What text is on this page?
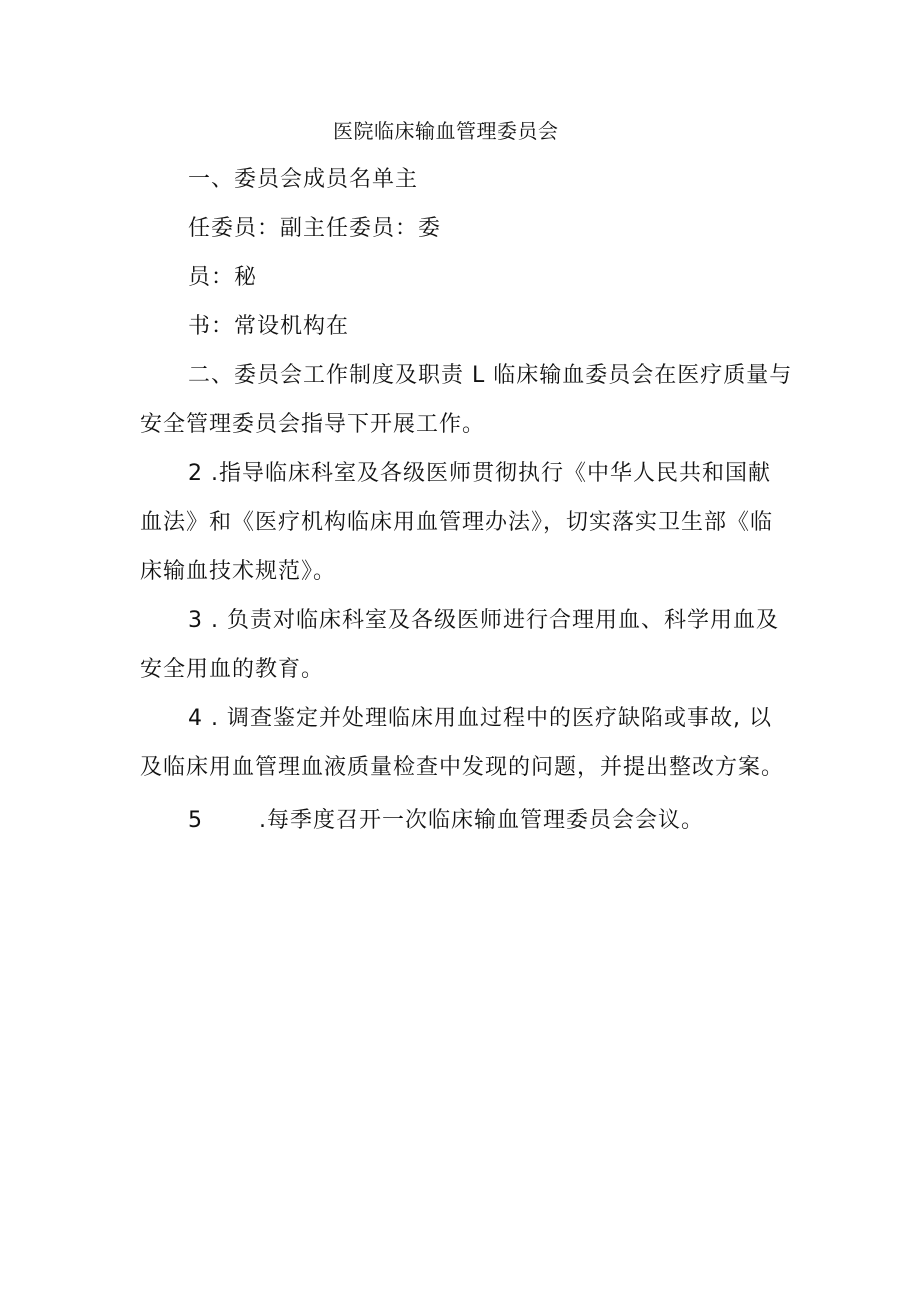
医院临床输血管理委员会
一、委员会成员名单主
任委员：副主任委员：委
员：秘
书：常设机构在
二、委员会工作制度及职责 L 临床输血委员会在医疗质量与
安全管理委员会指导下开展工作。
2 .指导临床科室及各级医师贯彻执行《中华人民共和国献
血法》和《医疗机构临床用血管理办法》，切实落实卫生部《临
床输血技术规范》。
3 . 负责对临床科室及各级医师进行合理用血、科学用血及
安全用血的教育。
4 . 调查鉴定并处理临床用血过程中的医疗缺陷或事故, 以
及临床用血管理血液质量检查中发现的问题，并提出整改方案。
5	.每季度召开一次临床输血管理委员会会议。
